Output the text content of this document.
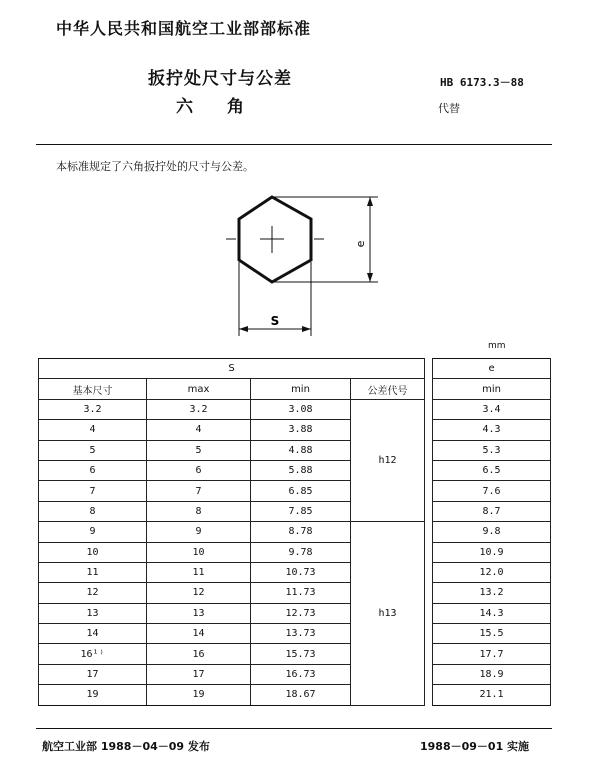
中华人民共和国航空工业部部标准
扳拧处尺寸与公差
六角
HB 6173.3－88
代替
本标准规定了六角扳拧处的尺寸与公差。
e
S
mm
S					e
基本尺寸	max	min	公差代号		min
3.2	3.2	3.08	h12		3.4
4	4	3.88			4.3
5	5	4.88			5.3
6	6	5.88			6.5
7	7	6.85			7.6
8	8	7.85			8.7
9	9	8.78	h13		9.8
10	10	9.78			10.9
11	11	10.73			12.0
12	12	11.73			13.2
13	13	12.73			14.3
14	14	13.73			15.5
16¹⁾	16	15.73			17.7
17	17	16.73			18.9
19	19	18.67			21.1
航空工业部 1988－04－09 发布	1988－09－01 实施
